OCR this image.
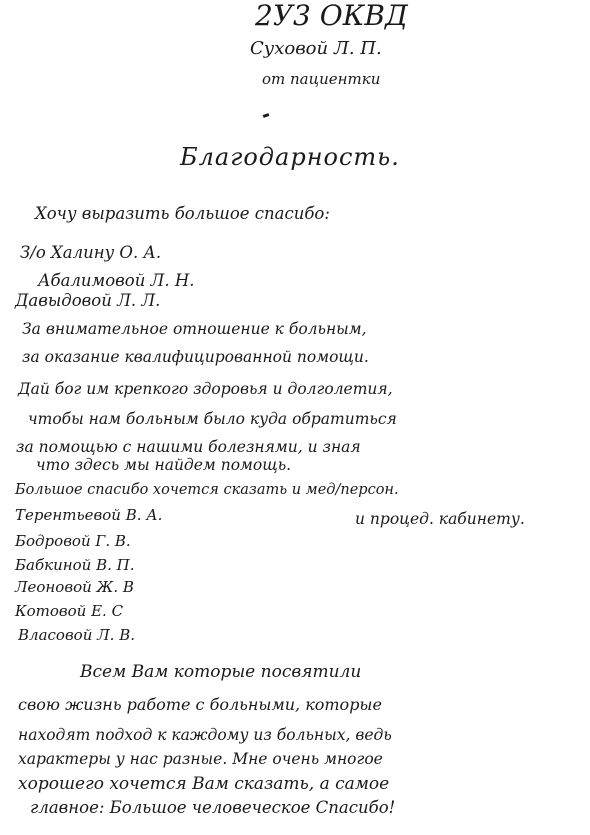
2У3 ОКВД
Суховой Л. П.
от пациентки
Благодарность.
Хочу выразить большое спасибо:
З/о Халину О. А.
Абалимовой Л. Н.
Давыдовой Л. Л.
За внимательное отношение к больным,
за оказание квалифицированной помощи.
Дай бог им крепкого здоровья и долголетия,
чтобы нам больным было куда обратиться
за помощью с нашими болезнями, и зная
что здесь мы найдем помощь.
Большое спасибо хочется сказать и мед/персон.
и процед. кабинету.
Терентьевой В. А.
Бодровой Г. В.
Бабкиной В. П.
Леоновой Ж. В
Котовой Е. С
Власовой Л. В.
Всем Вам которые посвятили
свою жизнь работе с больными, которые
находят подход к каждому из больных, ведь
характеры у нас разные. Мне очень многое
хорошего хочется Вам сказать, а самое
главное: Большое человеческое Спасибо!
